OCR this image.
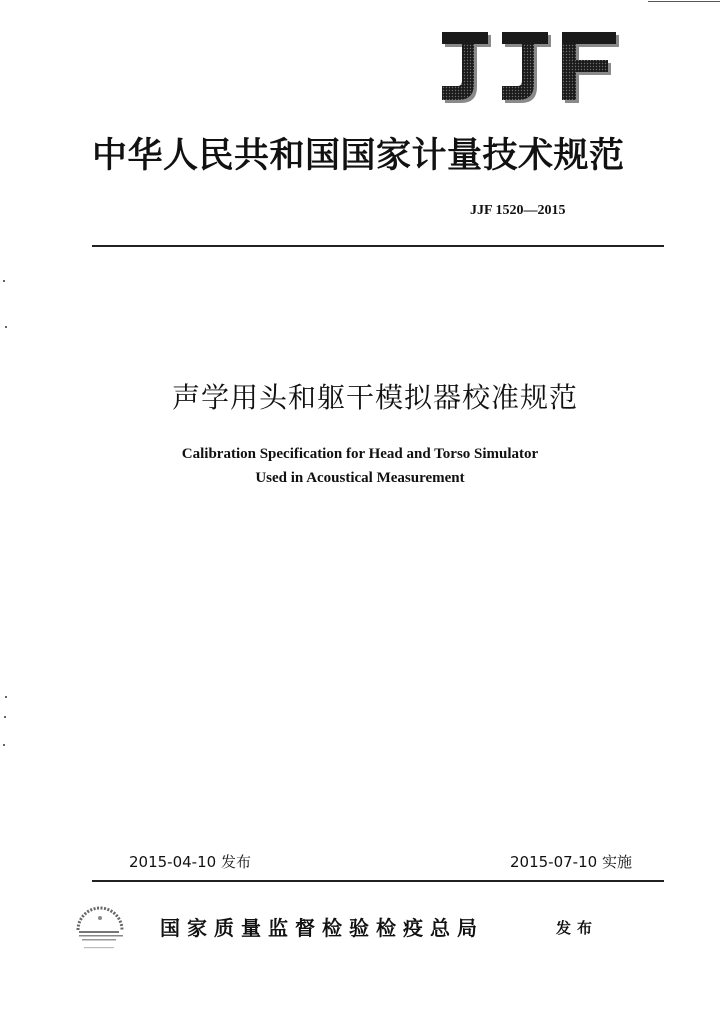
中华人民共和国国家计量技术规范
JJF 1520—2015
声学用头和躯干模拟器校准规范
Calibration Specification for Head and Torso Simulator
Used in Acoustical Measurement
2015-04-10 发布	2015-07-10 实施
国家质量监督检验检疫总局	发布
